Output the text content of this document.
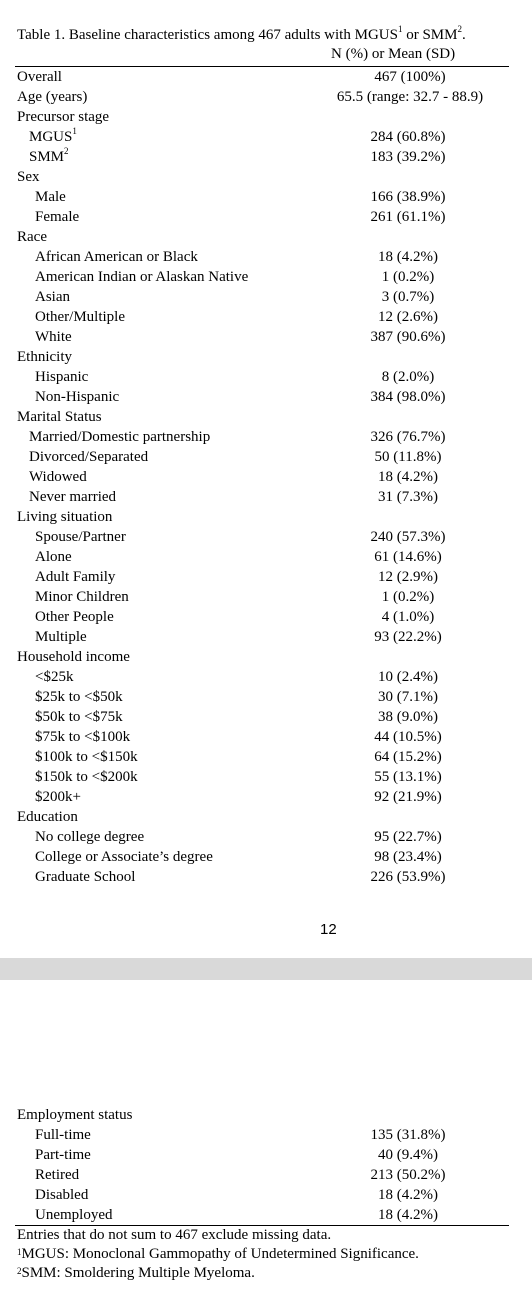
Table 1. Baseline characteristics among 467 adults with MGUS$^1$ or SMM$^2$.
N (%) or Mean (SD)
Overall	467 (100%)
Age (years)	65.5 (range: 32.7 - 88.9)
Precursor stage
MGUS$^1$	284 (60.8%)
SMM$^2$	183 (39.2%)
Sex
Male	166 (38.9%)
Female	261 (61.1%)
Race
African American or Black	18 (4.2%)
American Indian or Alaskan Native	1 (0.2%)
Asian	3 (0.7%)
Other/Multiple	12 (2.6%)
White	387 (90.6%)
Ethnicity
Hispanic	8 (2.0%)
Non-Hispanic	384 (98.0%)
Marital Status
Married/Domestic partnership	326 (76.7%)
Divorced/Separated	50 (11.8%)
Widowed	18 (4.2%)
Never married	31 (7.3%)
Living situation
Spouse/Partner	240 (57.3%)
Alone	61 (14.6%)
Adult Family	12 (2.9%)
Minor Children	1 (0.2%)
Other People	4 (1.0%)
Multiple	93 (22.2%)
Household income
<$25k	10 (2.4%)
$25k to <$50k	30 (7.1%)
$50k to <$75k	38 (9.0%)
$75k to <$100k	44 (10.5%)
$100k to <$150k	64 (15.2%)
$150k to <$200k	55 (13.1%)
$200k+	92 (21.9%)
Education
No college degree	95 (22.7%)
College or Associate’s degree	98 (23.4%)
Graduate School	226 (53.9%)
12
Employment status
Full-time	135 (31.8%)
Part-time	40 (9.4%)
Retired	213 (50.2%)
Disabled	18 (4.2%)
Unemployed	18 (4.2%)
Entries that do not sum to 467 exclude missing data.
$^1$MGUS: Monoclonal Gammopathy of Undetermined Significance.
$^2$SMM: Smoldering Multiple Myeloma.
